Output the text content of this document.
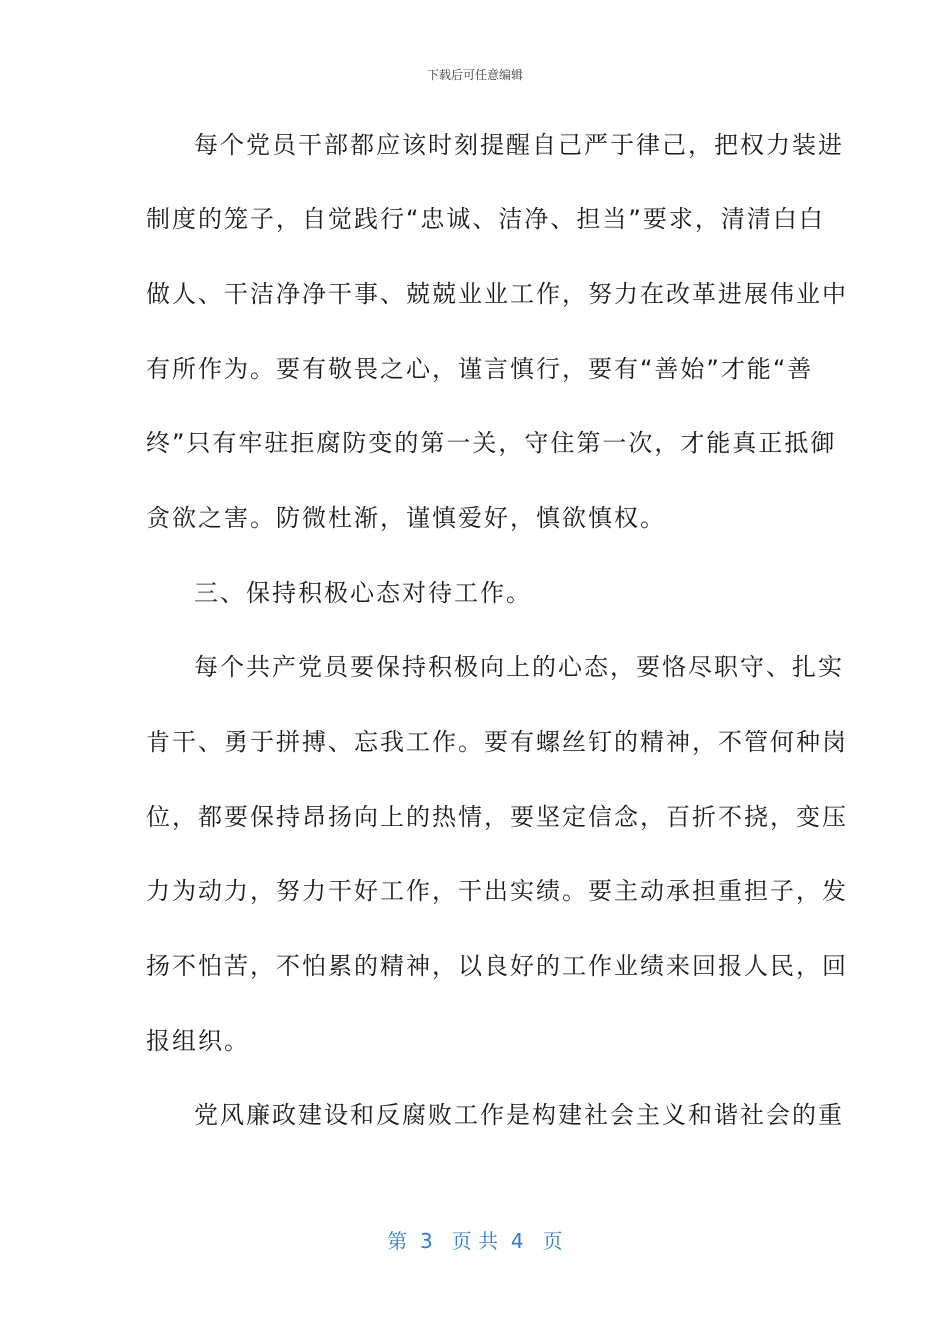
下载后可任意编辑
每个党员干部都应该时刻提醒自己严于律己，把权力装进
制度的笼子，自觉践行“忠诚、洁净、担当”要求，清清白白
做人、干洁净净干事、兢兢业业工作，努力在改革进展伟业中
有所作为。要有敬畏之心，谨言慎行，要有“善始”才能“善
终”只有牢驻拒腐防变的第一关，守住第一次，才能真正抵御
贪欲之害。防微杜渐，谨慎爱好，慎欲慎权。
三、保持积极心态对待工作。
每个共产党员要保持积极向上的心态，要恪尽职守、扎实
肯干、勇于拼搏、忘我工作。要有螺丝钉的精神，不管何种岗
位，都要保持昂扬向上的热情，要坚定信念，百折不挠，变压
力为动力，努力干好工作，干出实绩。要主动承担重担子，发
扬不怕苦，不怕累的精神，以良好的工作业绩来回报人民，回
报组织。
党风廉政建设和反腐败工作是构建社会主义和谐社会的重
第  3   页 共  4   页
